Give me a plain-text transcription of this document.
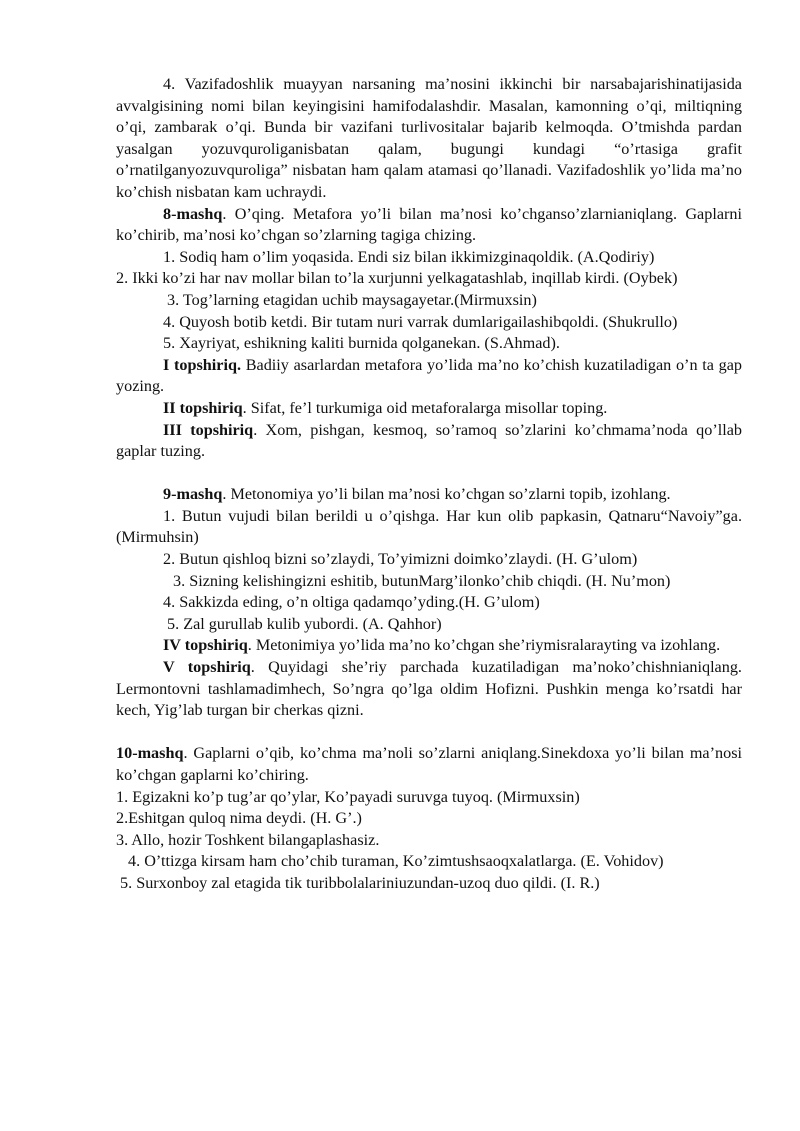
4. Vazifadoshlik muayyan narsaning ma’nosini ikkinchi bir narsabajarishinatijasida avvalgisining nomi bilan keyingisini hamifodalashdir. Masalan, kamonning o’qi, miltiqning o’qi, zambarak o’qi. Bunda bir vazifani turlivositalar bajarib kelmoqda. O’tmishda pardan yasalgan yozuvquroliganisbatan qalam, bugungi kundagi “o’rtasiga grafit o’rnatilganyozuvquroliga” nisbatan ham qalam atamasi qo’llanadi. Vazifadoshlik yo’lida ma’no ko’chish nisbatan kam uchraydi.

8-mashq. O’qing. Metafora yo’li bilan ma’nosi ko’chganso’zlarnianiqlang. Gaplarni ko’chirib, ma’nosi ko’chgan so’zlarning tagiga chizing.

1. Sodiq ham o’lim yoqasida. Endi siz bilan ikkimizginaqoldik. (A.Qodiriy)

2. Ikki ko’zi har nav mollar bilan to’la xurjunni yelkagatashlab, inqillab kirdi. (Oybek)

3. Tog’larning etagidan uchib maysagayetar.(Mirmuxsin)

4. Quyosh botib ketdi. Bir tutam nuri varrak dumlarigailashibqoldi. (Shukrullo)

5. Xayriyat, eshikning kaliti burnida qolganekan. (S.Ahmad).

I topshiriq. Badiiy asarlardan metafora yo’lida ma’no ko’chish kuzatiladigan o’n ta gap yozing.

II topshiriq. Sifat, fe’l turkumiga oid metaforalarga misollar toping.

III topshiriq. Xom, pishgan, kesmoq, so’ramoq so’zlarini ko’chmama’noda qo’llab gaplar tuzing.

9-mashq. Metonomiya yo’li bilan ma’nosi ko’chgan so’zlarni topib, izohlang.

1. Butun vujudi bilan berildi u o’qishga. Har kun olib papkasin, Qatnaru“Navoiy”ga. (Mirmuhsin)

2. Butun qishloq bizni so’zlaydi, To’yimizni doimko’zlaydi. (H. G’ulom)

3. Sizning kelishingizni eshitib, butunMarg’ilonko’chib chiqdi. (H. Nu’mon)

4. Sakkizda eding, o’n oltiga qadamqo’yding.(H. G’ulom)

5. Zal gurullab kulib yubordi. (A. Qahhor)

IV topshiriq. Metonimiya yo’lida ma’no ko’chgan she’riymisralarayting va izohlang.

V topshiriq. Quyidagi she’riy parchada kuzatiladigan ma’noko’chishnianiqlang. Lermontovni tashlamadimhech, So’ngra qo’lga oldim Hofizni. Pushkin menga ko’rsatdi har kech, Yig’lab turgan bir cherkas qizni.

10-mashq. Gaplarni o’qib, ko’chma ma’noli so’zlarni aniqlang.Sinekdoxa yo’li bilan ma’nosi ko’chgan gaplarni ko’chiring.

1. Egizakni ko’p tug’ar qo’ylar, Ko’payadi suruvga tuyoq. (Mirmuxsin)

2.Eshitgan quloq nima deydi. (H. G’.)

3. Allo, hozir Toshkent bilangaplashasiz.

4. O’ttizga kirsam ham cho’chib turaman, Ko’zimtushsaoqxalatlarga. (E. Vohidov)

5. Surxonboy zal etagida tik turibbolalariniuzundan-uzoq duo qildi. (I. R.)
